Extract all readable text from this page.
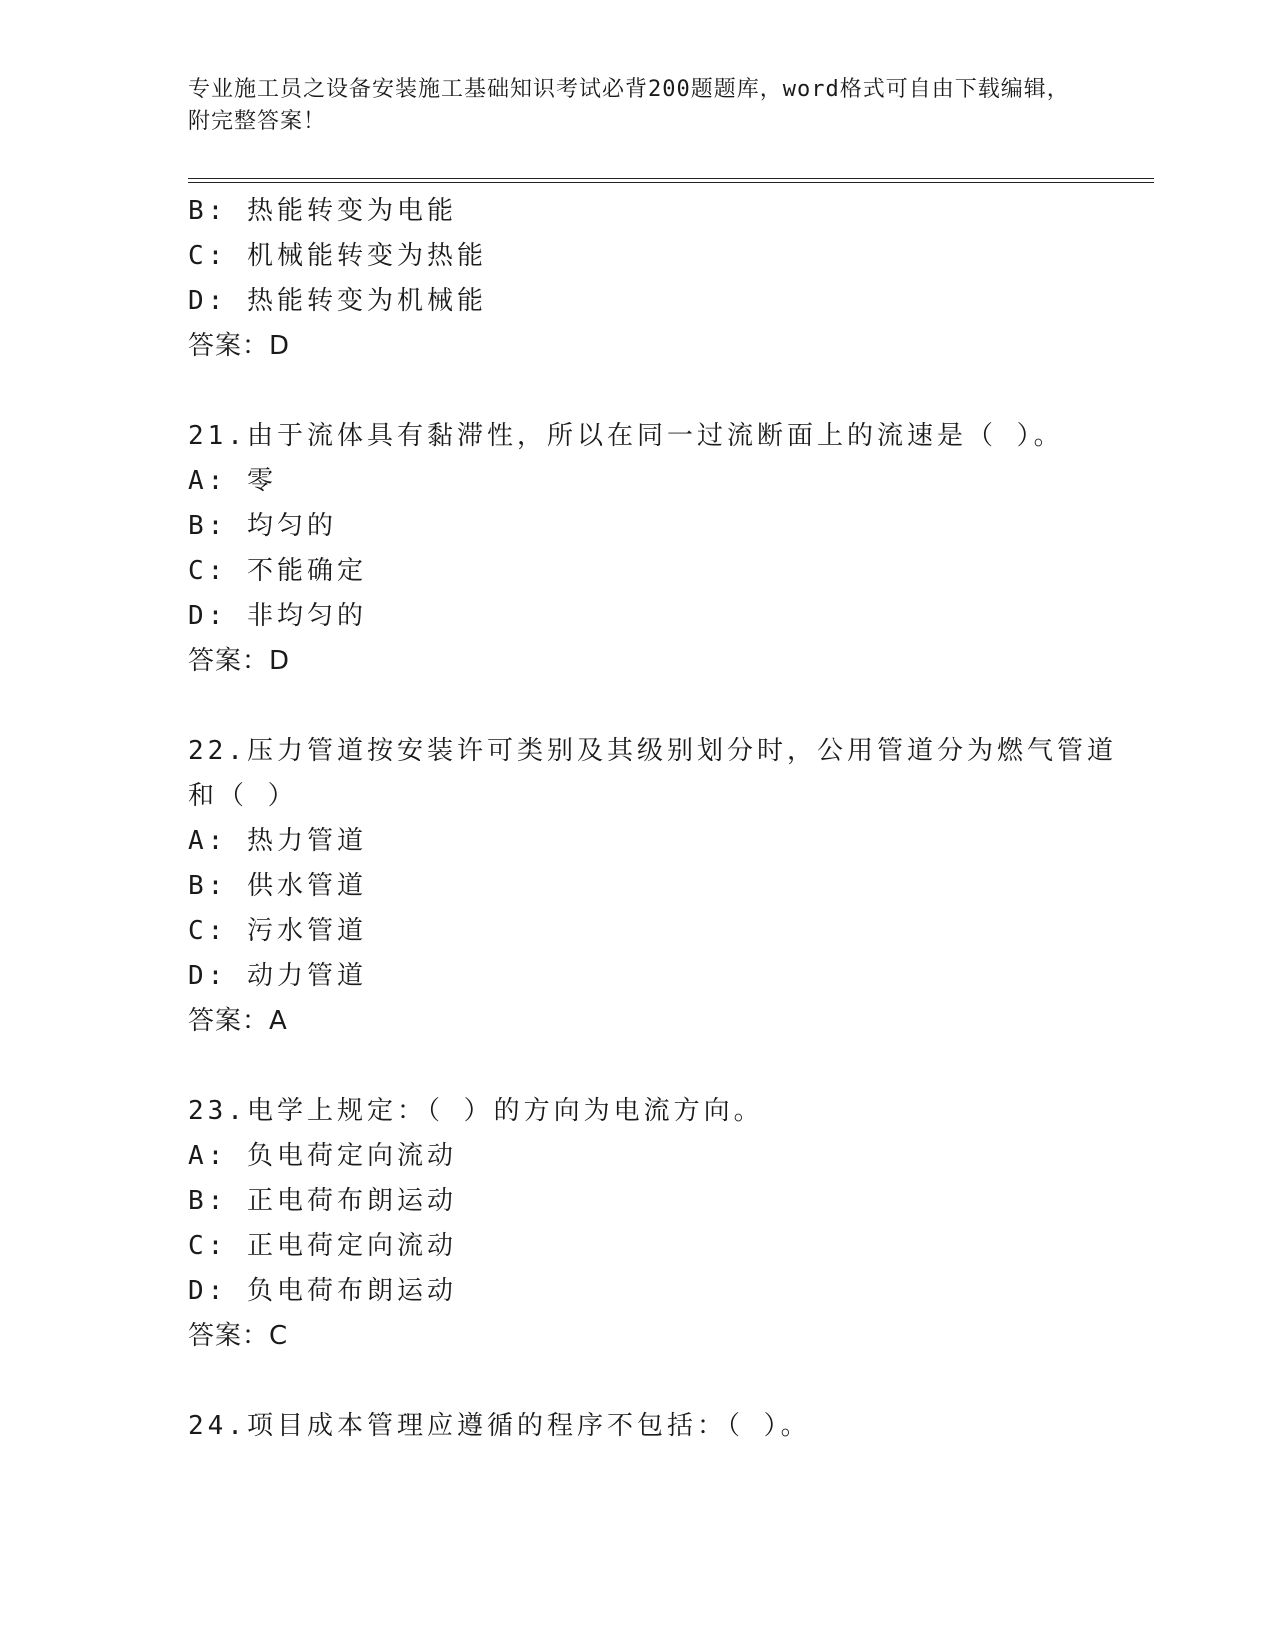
专业施工员之设备安装施工基础知识考试必背200题题库，word格式可自由下载编辑，附完整答案！

B: 热能转变为电能
C: 机械能转变为热能
D: 热能转变为机械能
答案：D
21.由于流体具有黏滞性，所以在同一过流断面上的流速是（ ）。
A: 零
B: 均匀的
C: 不能确定
D: 非均匀的
答案：D
22.压力管道按安装许可类别及其级别划分时，公用管道分为燃气管道
和（ ）
A: 热力管道
B: 供水管道
C: 污水管道
D: 动力管道
答案：A
23.电学上规定：（ ）的方向为电流方向。
A: 负电荷定向流动
B: 正电荷布朗运动
C: 正电荷定向流动
D: 负电荷布朗运动
答案：C
24.项目成本管理应遵循的程序不包括：（ ）。
